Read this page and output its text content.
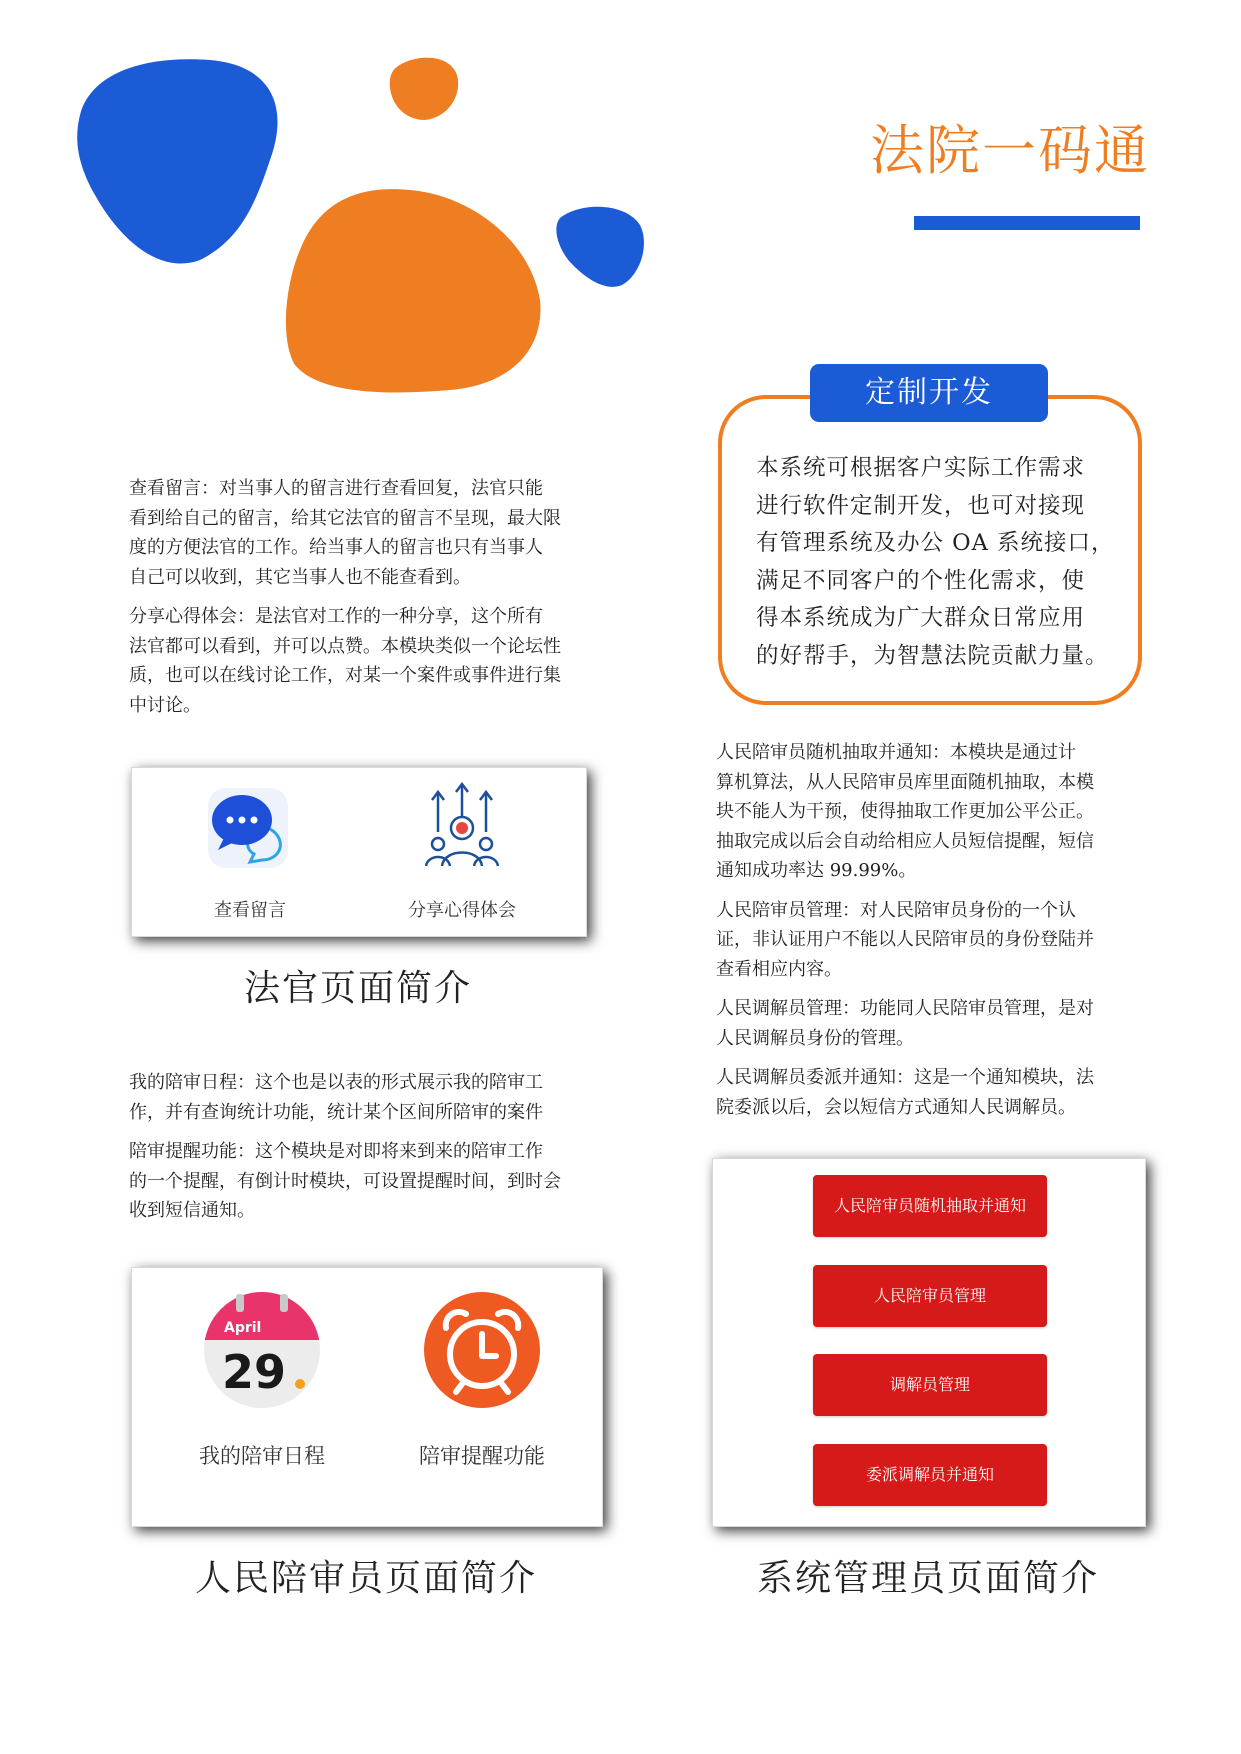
法院一码通
定制开发
本系统可根据客户实际工作需求
进行软件定制开发，也可对接现
有管理系统及办公 OA 系统接口，
满足不同客户的个性化需求，使
得本系统成为广大群众日常应用
的好帮手，为智慧法院贡献力量。

查看留言：对当事人的留言进行查看回复，法官只能
看到给自己的留言，给其它法官的留言不呈现，最大限
度的方便法官的工作。给当事人的留言也只有当事人
自己可以收到，其它当事人也不能查看到。

分享心得体会：是法官对工作的一种分享，这个所有
法官都可以看到，并可以点赞。本模块类似一个论坛性
质，也可以在线讨论工作，对某一个案件或事件进行集
中讨论。

查看留言	分享心得体会
法官页面简介

我的陪审日程：这个也是以表的形式展示我的陪审工
作，并有查询统计功能，统计某个区间所陪审的案件

陪审提醒功能：这个模块是对即将来到来的陪审工作
的一个提醒，有倒计时模块，可设置提醒时间，到时会
收到短信通知。

April
29
我的陪审日程	陪审提醒功能
人民陪审员页面简介

人民陪审员随机抽取并通知：本模块是通过计
算机算法，从人民陪审员库里面随机抽取，本模
块不能人为干预，使得抽取工作更加公平公正。
抽取完成以后会自动给相应人员短信提醒，短信
通知成功率达 99.99%。

人民陪审员管理：对人民陪审员身份的一个认
证，非认证用户不能以人民陪审员的身份登陆并
查看相应内容。

人民调解员管理：功能同人民陪审员管理，是对
人民调解员身份的管理。

人民调解员委派并通知：这是一个通知模块，法
院委派以后，会以短信方式通知人民调解员。

人民陪审员随机抽取并通知
人民陪审员管理
调解员管理
委派调解员并通知
系统管理员页面简介
